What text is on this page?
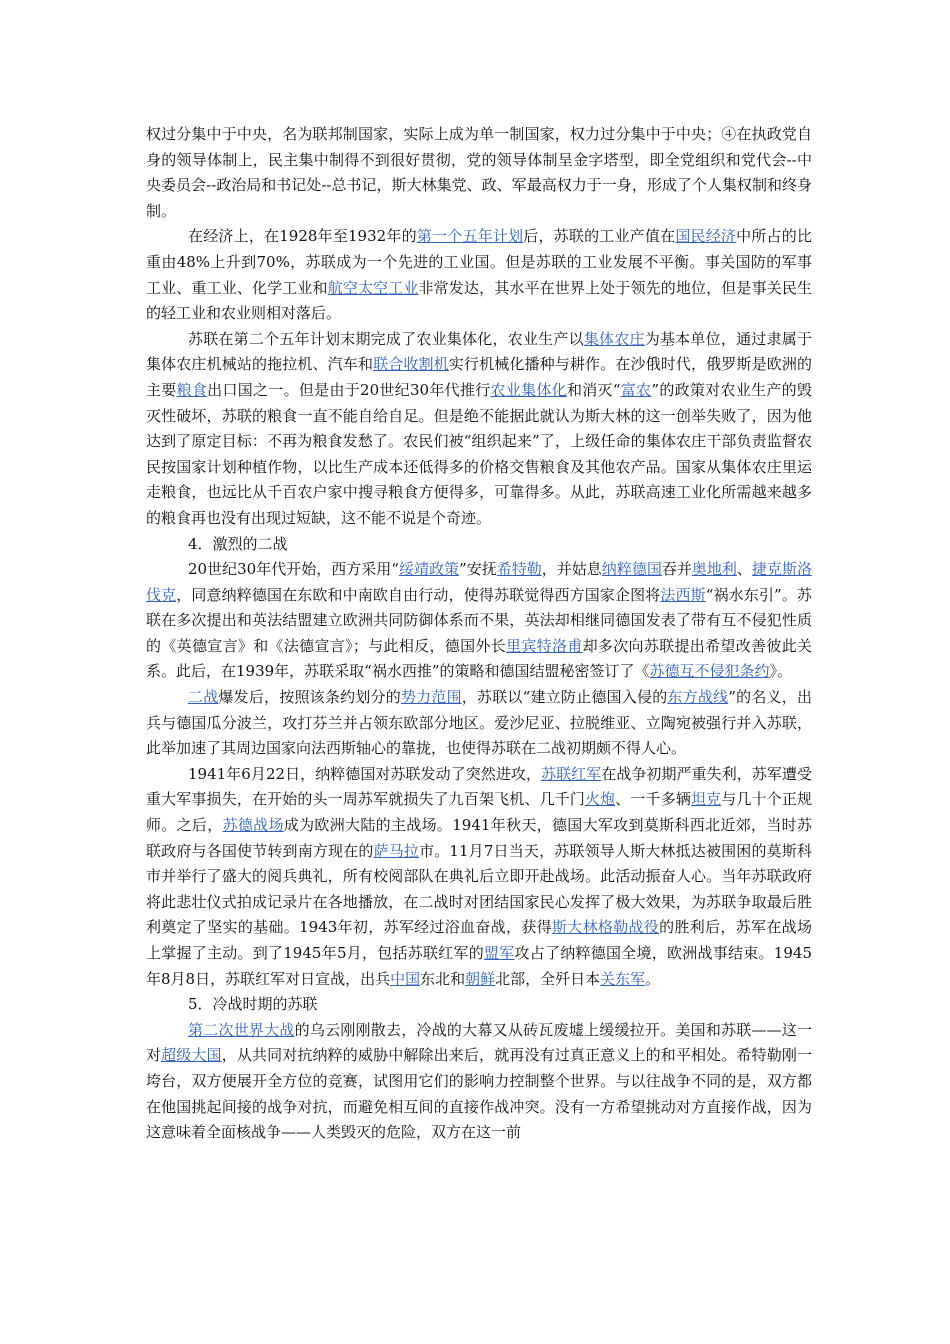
权过分集中于中央，名为联邦制国家，实际上成为单一制国家，权力过分集中于中央；④在执政党自身的领导体制上，民主集中制得不到很好贯彻，党的领导体制呈金字塔型，即全党组织和党代会--中央委员会--政治局和书记处--总书记，斯大林集党、政、军最高权力于一身，形成了个人集权制和终身制。

在经济上，在1928年至1932年的第一个五年计划后，苏联的工业产值在国民经济中所占的比重由48%上升到70%，苏联成为一个先进的工业国。但是苏联的工业发展不平衡。事关国防的军事工业、重工业、化学工业和航空太空工业非常发达，其水平在世界上处于领先的地位，但是事关民生的轻工业和农业则相对落后。

苏联在第二个五年计划末期完成了农业集体化，农业生产以集体农庄为基本单位，通过隶属于集体农庄机械站的拖拉机、汽车和联合收割机实行机械化播种与耕作。在沙俄时代，俄罗斯是欧洲的主要粮食出口国之一。但是由于20世纪30年代推行农业集体化和消灭“富农”的政策对农业生产的毁灭性破坏，苏联的粮食一直不能自给自足。但是绝不能据此就认为斯大林的这一创举失败了，因为他达到了原定目标：不再为粮食发愁了。农民们被“组织起来”了，上级任命的集体农庄干部负责监督农民按国家计划种植作物，以比生产成本还低得多的价格交售粮食及其他农产品。国家从集体农庄里运走粮食，也远比从千百农户家中搜寻粮食方便得多，可靠得多。从此，苏联高速工业化所需越来越多的粮食再也没有出现过短缺，这不能不说是个奇迹。

4．激烈的二战

20世纪30年代开始，西方采用“绥靖政策”安抚希特勒，并姑息纳粹德国吞并奥地利、捷克斯洛伐克，同意纳粹德国在东欧和中南欧自由行动，使得苏联觉得西方国家企图将法西斯“祸水东引”。苏联在多次提出和英法结盟建立欧洲共同防御体系而不果，英法却相继同德国发表了带有互不侵犯性质的《英德宣言》和《法德宣言》；与此相反，德国外长里宾特洛甫却多次向苏联提出希望改善彼此关系。此后，在1939年，苏联采取“祸水西推”的策略和德国结盟秘密签订了《苏德互不侵犯条约》。

二战爆发后，按照该条约划分的势力范围，苏联以“建立防止德国入侵的东方战线”的名义，出兵与德国瓜分波兰，攻打芬兰并占领东欧部分地区。爱沙尼亚、拉脱维亚、立陶宛被强行并入苏联，此举加速了其周边国家向法西斯轴心的靠拢，也使得苏联在二战初期颇不得人心。

1941年6月22日，纳粹德国对苏联发动了突然进攻，苏联红军在战争初期严重失利，苏军遭受重大军事损失，在开始的头一周苏军就损失了九百架飞机、几千门火炮、一千多辆坦克与几十个正规师。之后，苏德战场成为欧洲大陆的主战场。1941年秋天，德国大军攻到莫斯科西北近郊，当时苏联政府与各国使节转到南方现在的萨马拉市。11月7日当天，苏联领导人斯大林抵达被围困的莫斯科市并举行了盛大的阅兵典礼，所有校阅部队在典礼后立即开赴战场。此活动振奋人心。当年苏联政府将此悲壮仪式拍成记录片在各地播放，在二战时对团结国家民心发挥了极大效果，为苏联争取最后胜利奠定了坚实的基础。1943年初，苏军经过浴血奋战，获得斯大林格勒战役的胜利后，苏军在战场上掌握了主动。到了1945年5月，包括苏联红军的盟军攻占了纳粹德国全境，欧洲战事结束。1945年8月8日，苏联红军对日宣战，出兵中国东北和朝鲜北部，全歼日本关东军。

5．冷战时期的苏联

第二次世界大战的乌云刚刚散去，冷战的大幕又从砖瓦废墟上缓缓拉开。美国和苏联——这一对超级大国，从共同对抗纳粹的威胁中解除出来后，就再没有过真正意义上的和平相处。希特勒刚一垮台，双方便展开全方位的竞赛，试图用它们的影响力控制整个世界。与以往战争不同的是，双方都在他国挑起间接的战争对抗，而避免相互间的直接作战冲突。没有一方希望挑动对方直接作战，因为这意味着全面核战争——人类毁灭的危险，双方在这一前
